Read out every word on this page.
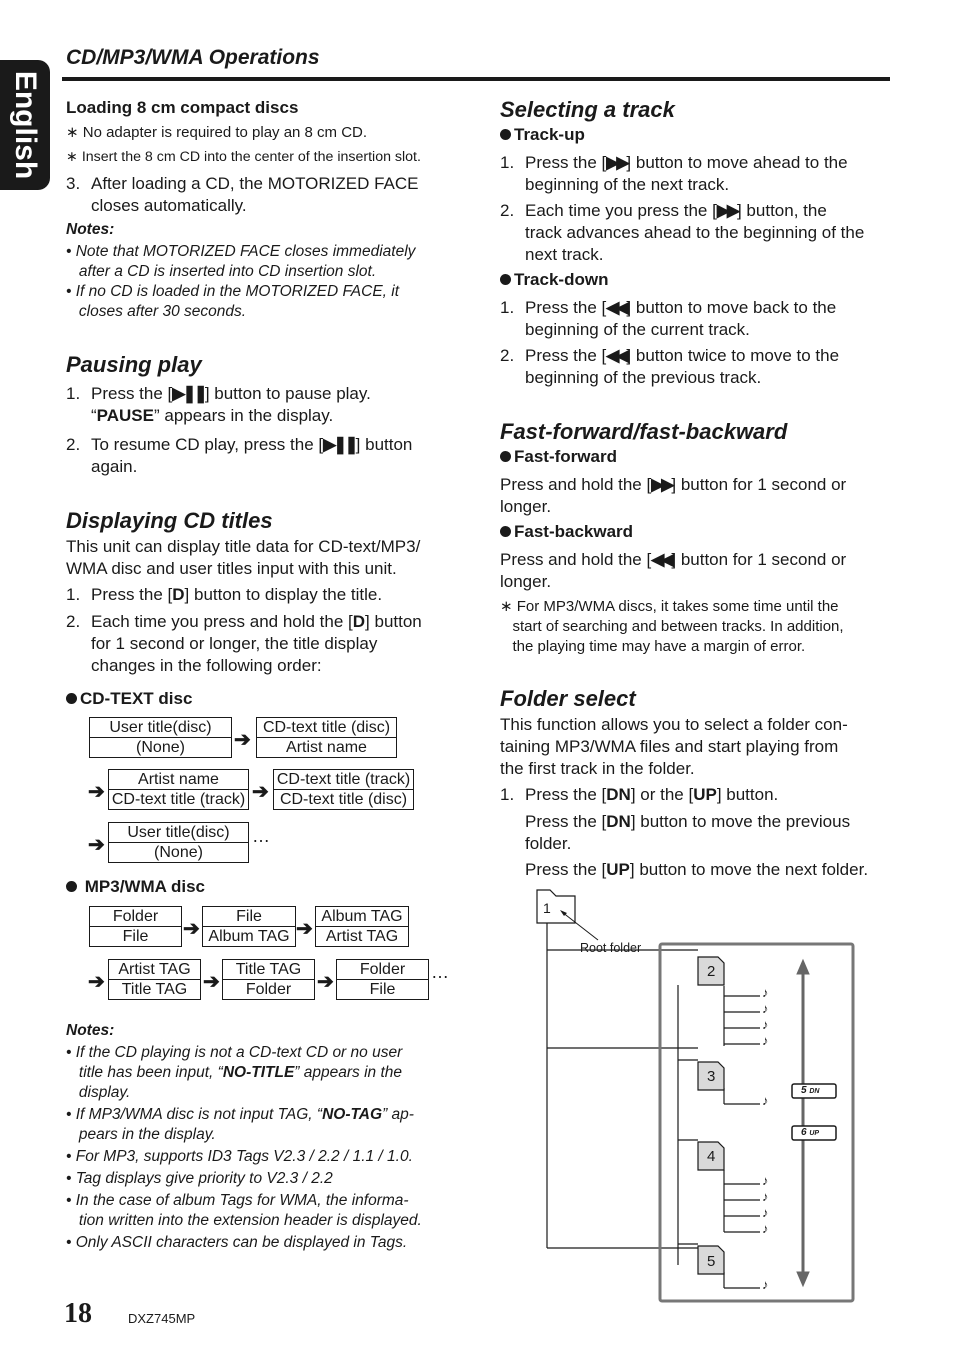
English
CD/MP3/WMA Operations
Loading 8 cm compact discs
∗ No adapter is required to play an 8 cm CD.
∗ Insert the 8 cm CD into the center of the insertion slot.
3. After loading a CD, the MOTORIZED FACE
closes automatically.
Notes:
• Note that MOTORIZED FACE closes immediately
after a CD is inserted into CD insertion slot.
• If no CD is loaded in the MOTORIZED FACE, it
closes after 30 seconds.
Pausing play
1. Press the [▶❚❚] button to pause play.
“PAUSE” appears in the display.
2. To resume CD play, press the [▶❚❚] button
again.
Displaying CD titles
This unit can display title data for CD-text/MP3/
WMA disc and user titles input with this unit.
1. Press the [D] button to display the title.
2. Each time you press and hold the [D] button
for 1 second or longer, the title display
changes in the following order:
CD-TEXT disc
User title(disc)
(None)	➔
CD-text title (disc)
Artist name
➔
Artist name
CD-text title (track) ➔
CD-text title (track)
CD-text title (disc)
➔
User title(disc)
(None)
…
MP3/WMA disc
Folder
File	➔
File
Album TAG ➔
Album TAG
Artist TAG
➔
Artist TAG
Title TAG ➔
Title TAG
Folder	➔
Folder
File
…
Notes:
• If the CD playing is not a CD-text CD or no user
title has been input, “NO-TITLE” appears in the
display.
• If MP3/WMA disc is not input TAG, “NO-TAG” ap-
pears in the display.
• For MP3, supports ID3 Tags V2.3 / 2.2 / 1.1 / 1.0.
• Tag displays give priority to V2.3 / 2.2
• In the case of album Tags for WMA, the informa-
tion written into the extension header is displayed.
• Only ASCII characters can be displayed in Tags.
Selecting a track
Track-up
1. Press the [▶▶] button to move ahead to the
beginning of the next track.
2. Each time you press the [▶▶] button, the
track advances ahead to the beginning of the
next track.
Track-down
1. Press the [◀◀] button to move back to the
beginning of the current track.
2. Press the [◀◀] button twice to move to the
beginning of the previous track.
Fast-forward/fast-backward
Fast-forward
Press and hold the [▶▶] button for 1 second or
longer.
Fast-backward
Press and hold the [◀◀] button for 1 second or
longer.
∗ For MP3/WMA discs, it takes some time until the
start of searching and between tracks. In addition,
the playing time may have a margin of error.
Folder select
This function allows you to select a folder con-
taining MP3/WMA files and start playing from
the first track in the folder.
1. Press the [DN] or the [UP] button.
Press the [DN] button to move the previous
folder.
Press the [UP] button to move the next folder.
1
Root folder
2
3
4
5
♪
♪
♪
♪
♪
♪
♪
♪
♪
♪
5 DN
6 UP
18	DXZ745MP
